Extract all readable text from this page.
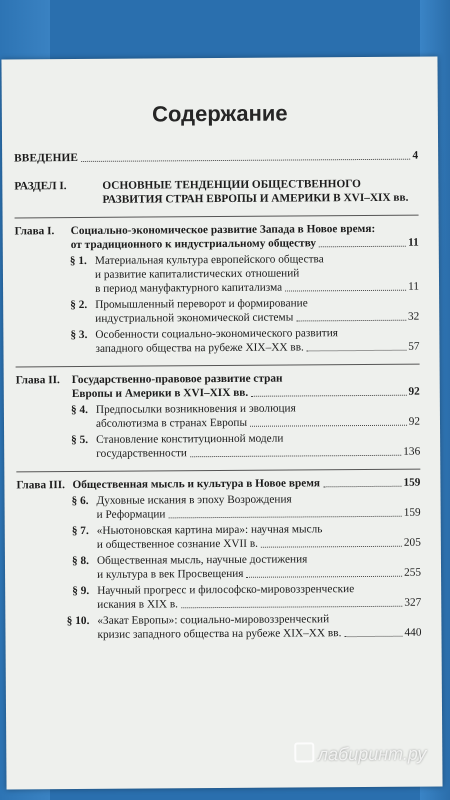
Содержание
ВВЕДЕНИЕ	4
РАЗДЕЛ I.	ОСНОВНЫЕ ТЕНДЕНЦИИ ОБЩЕСТВЕННОГО РАЗВИТИЯ СТРАН ЕВРОПЫ И АМЕРИКИ В XVI–XIX вв.
Глава I.	Социально-экономическое развитие Запада в Новое время:
от традиционного к индустриальному обществу	11
§ 1. Материальная культура европейского общества
и развитие капиталистических отношений
в период мануфактурного капитализма	11
§ 2. Промышленный переворот и формирование
индустриальной экономической системы	32
§ 3. Особенности социально-экономического развития
западного общества на рубеже XIX–XX вв.	57
Глава II.	Государственно-правовое развитие стран
Европы и Америки в XVI–XIX вв.	92
§ 4. Предпосылки возникновения и эволюция
абсолютизма в странах Европы	92
§ 5. Становление конституционной модели
государственности	136
Глава III. Общественная мысль и культура в Новое время	159
§ 6. Духовные искания в эпоху Возрождения
и Реформации	159
§ 7. «Ньютоновская картина мира»: научная мысль
и общественное сознание XVII в.	205
§ 8. Общественная мысль, научные достижения
и культура в век Просвещения	255
§ 9. Научный прогресс и философско-мировоззренческие
искания в XIX в.	327
§ 10. «Закат Европы»: социально-мировоззренческий
кризис западного общества на рубеже XIX–XX вв.	440
лабиринт.ру
